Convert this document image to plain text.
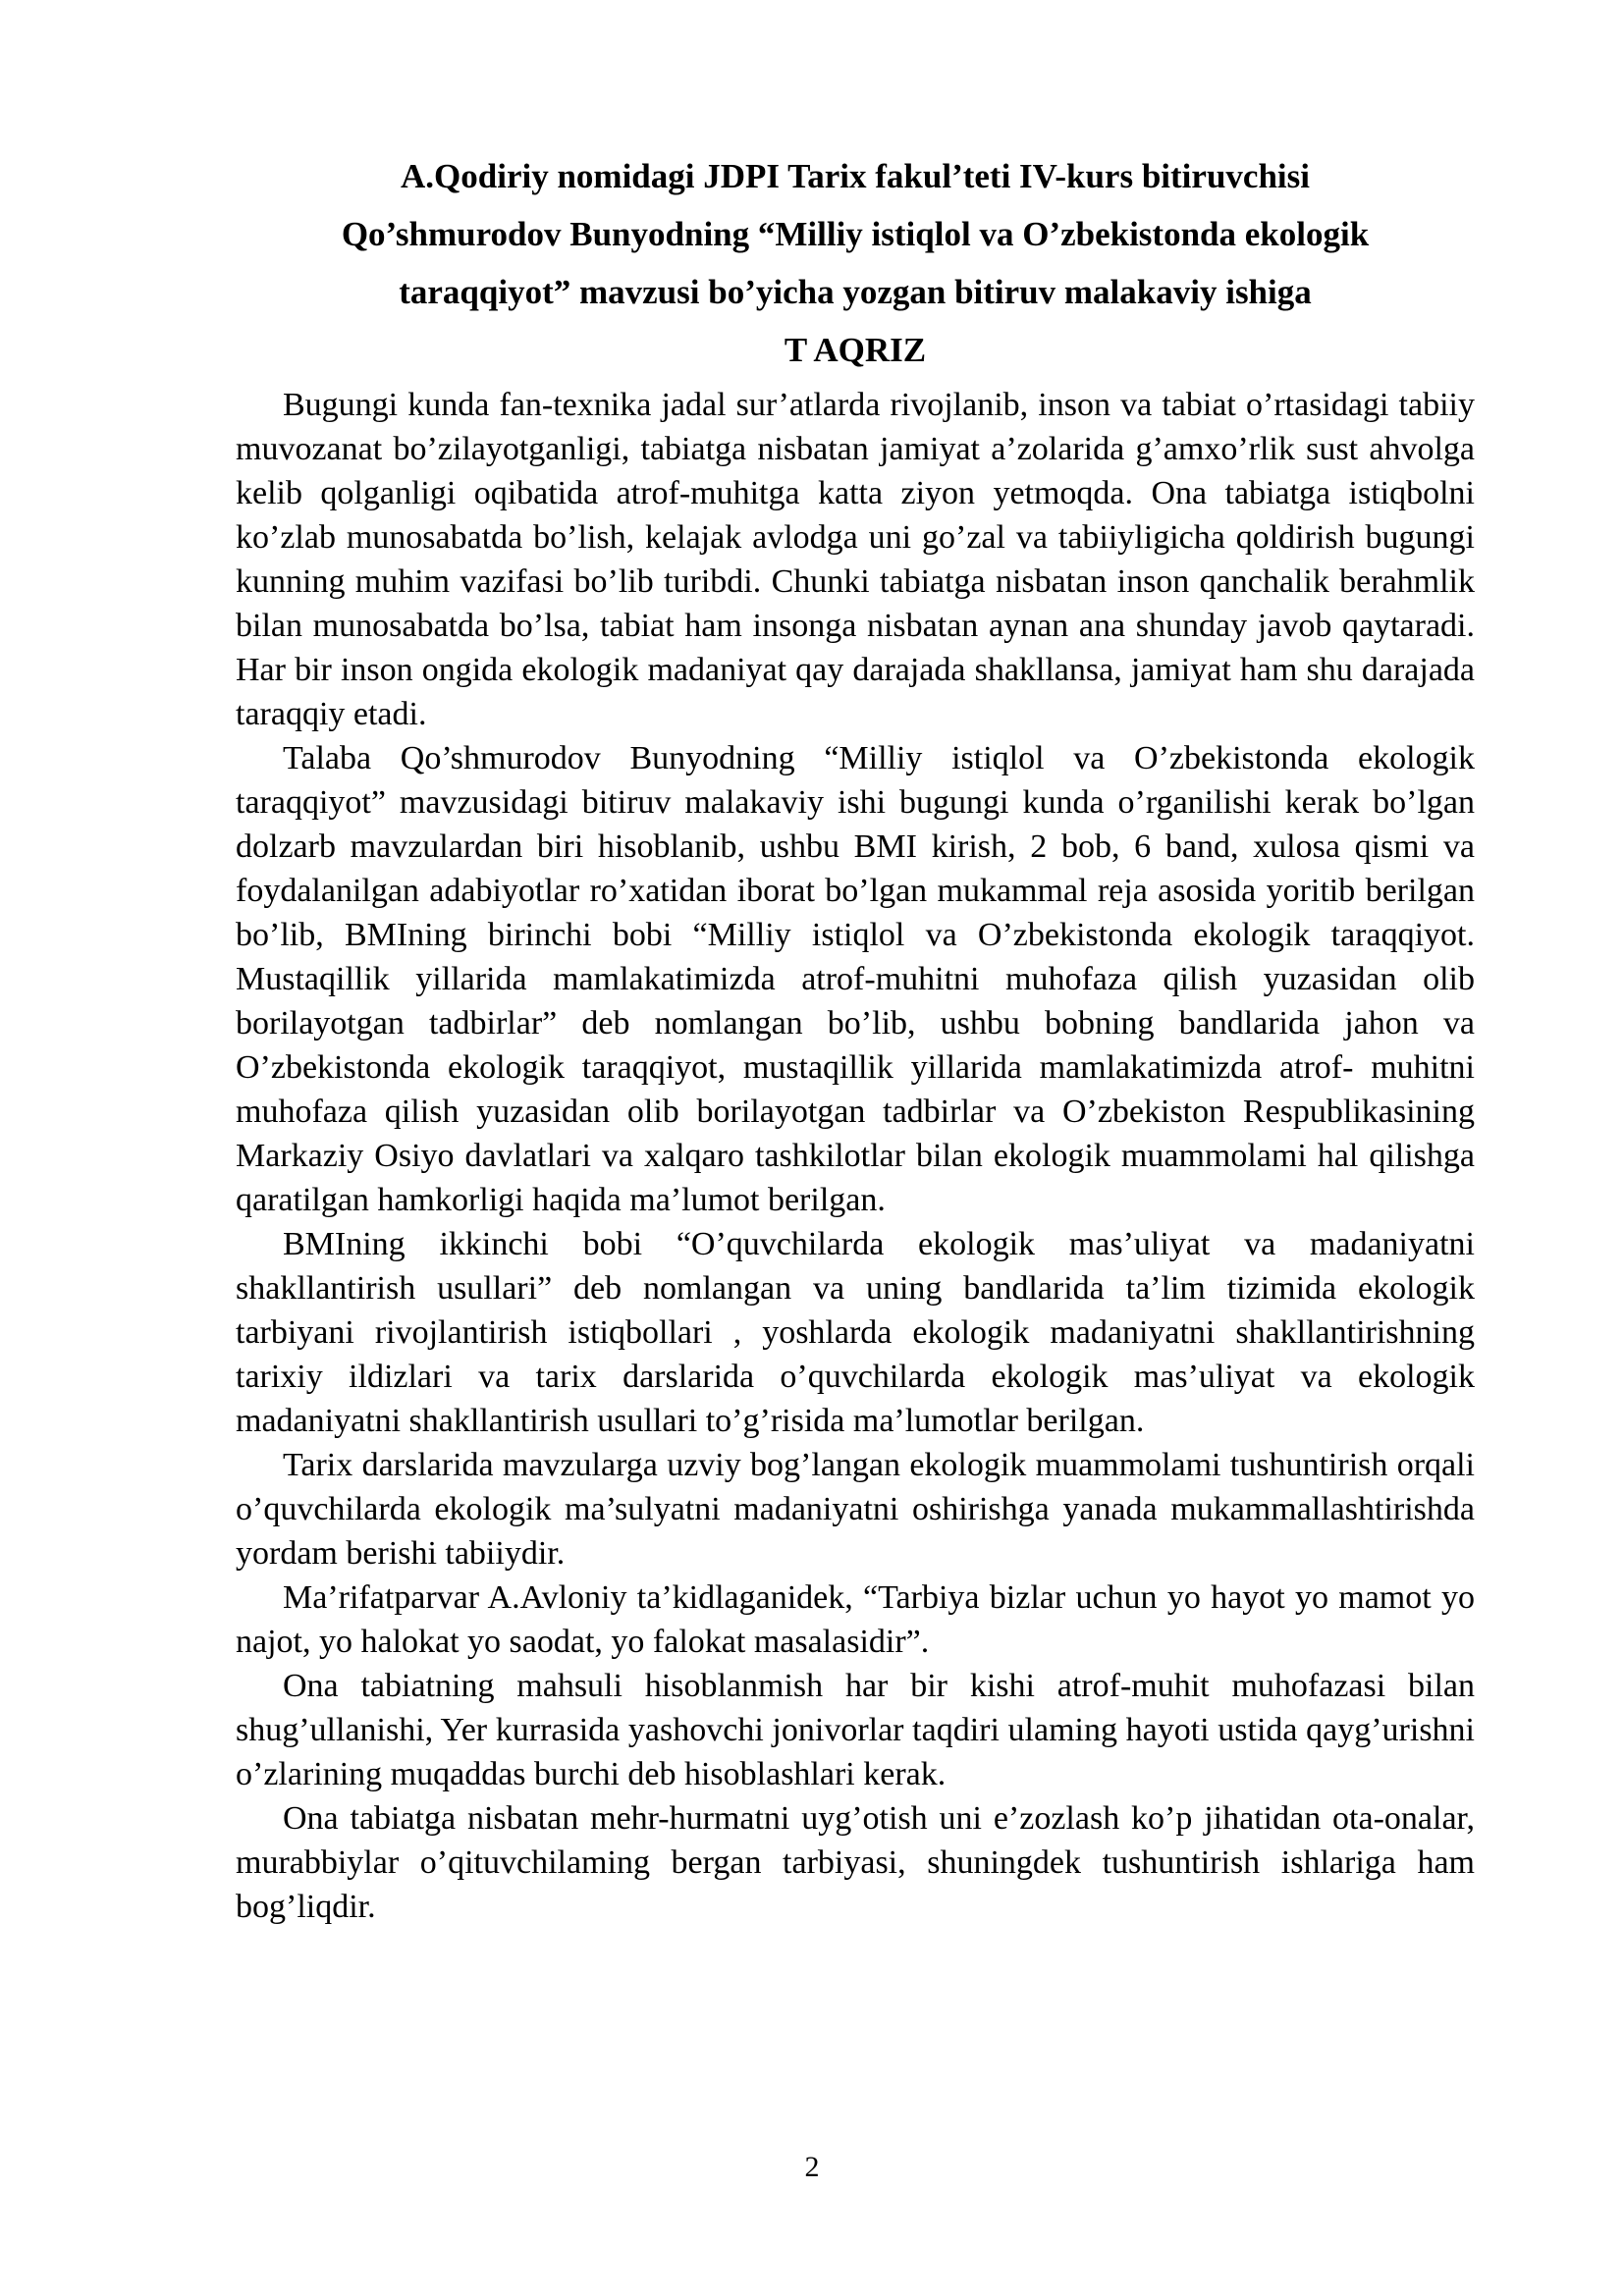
A.Qodiriy nomidagi JDPI Tarix fakul’teti IV-kurs bitiruvchisi

Qo’shmurodov Bunyodning “Milliy istiqlol va O’zbekistonda ekologik

taraqqiyot” mavzusi bo’yicha yozgan bitiruv malakaviy ishiga

T AQRIZ

Bugungi kunda fan-texnika jadal sur’atlarda rivojlanib, inson va tabiat o’rtasidagi tabiiy muvozanat bo’zilayotganligi, tabiatga nisbatan jamiyat a’zolarida g’amxo’rlik sust ahvolga kelib qolganligi oqibatida atrof-muhitga katta ziyon yetmoqda. Ona tabiatga istiqbolni ko’zlab munosabatda bo’lish, kelajak avlodga uni go’zal va tabiiyligicha qoldirish bugungi kunning muhim vazifasi bo’lib turibdi. Chunki tabiatga nisbatan inson qanchalik berahmlik bilan munosabatda bo’lsa, tabiat ham insonga nisbatan aynan ana shunday javob qaytaradi. Har bir inson ongida ekologik madaniyat qay darajada shakllansa, jamiyat ham shu darajada taraqqiy etadi.

Talaba Qo’shmurodov Bunyodning “Milliy istiqlol va O’zbekistonda ekologik taraqqiyot” mavzusidagi bitiruv malakaviy ishi bugungi kunda o’rganilishi kerak bo’lgan dolzarb mavzulardan biri hisoblanib, ushbu BMI kirish, 2 bob, 6 band, xulosa qismi va foydalanilgan adabiyotlar ro’xatidan iborat bo’lgan mukammal reja asosida yoritib berilgan bo’lib, BMIning birinchi bobi “Milliy istiqlol va O’zbekistonda ekologik taraqqiyot. Mustaqillik yillarida mamlakatimizda atrof-muhitni muhofaza qilish yuzasidan olib borilayotgan tadbirlar” deb nomlangan bo’lib, ushbu bobning bandlarida jahon va O’zbekistonda ekologik taraqqiyot, mustaqillik yillarida mamlakatimizda atrof- muhitni muhofaza qilish yuzasidan olib borilayotgan tadbirlar va O’zbekiston Respublikasining Markaziy Osiyo davlatlari va xalqaro tashkilotlar bilan ekologik muammolami hal qilishga qaratilgan hamkorligi haqida ma’lumot berilgan.

BMIning ikkinchi bobi “O’quvchilarda ekologik mas’uliyat va madaniyatni shakllantirish usullari” deb nomlangan va uning bandlarida ta’lim tizimida ekologik tarbiyani rivojlantirish istiqbollari , yoshlarda ekologik madaniyatni shakllantirishning tarixiy ildizlari va tarix darslarida o’quvchilarda ekologik mas’uliyat va ekologik madaniyatni shakllantirish usullari to’g’risida ma’lumotlar berilgan.

Tarix darslarida mavzularga uzviy bog’langan ekologik muammolami tushuntirish orqali o’quvchilarda ekologik ma’sulyatni madaniyatni oshirishga yanada mukammallashtirishda yordam berishi tabiiydir.

Ma’rifatparvar A.Avloniy ta’kidlaganidek, “Tarbiya bizlar uchun yo hayot yo mamot yo najot, yo halokat yo saodat, yo falokat masalasidir”.

Ona tabiatning mahsuli hisoblanmish har bir kishi atrof-muhit muhofazasi bilan shug’ullanishi, Yer kurrasida yashovchi jonivorlar taqdiri ulaming hayoti ustida qayg’urishni o’zlarining muqaddas burchi deb hisoblashlari kerak.

Ona tabiatga nisbatan mehr-hurmatni uyg’otish uni e’zozlash ko’p jihatidan ota-onalar, murabbiylar o’qituvchilaming bergan tarbiyasi, shuningdek tushuntirish ishlariga ham bog’liqdir.

2
